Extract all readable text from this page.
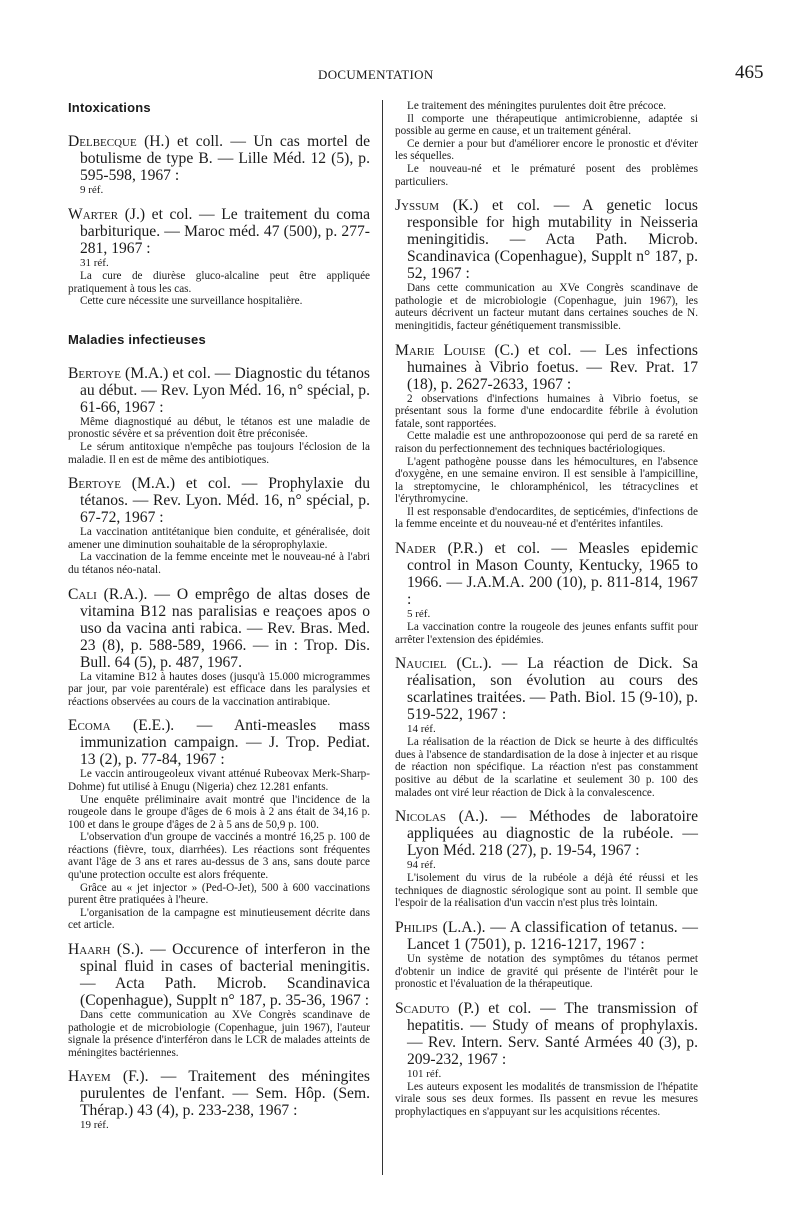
DOCUMENTATION	465
Intoxications
Delbecque (H.) et coll. — Un cas mortel de botulisme de type B. — Lille Méd. 12 (5), p. 595-598, 1967 :
9 réf.
Warter (J.) et col. — Le traitement du coma barbiturique. — Maroc méd. 47 (500), p. 277-281, 1967 :
31 réf.

La cure de diurèse gluco-alcaline peut être appliquée pratiquement à tous les cas.

Cette cure nécessite une surveillance hospitalière.

Maladies infectieuses
Bertoye (M.A.) et col. — Diagnostic du tétanos au début. — Rev. Lyon Méd. 16, n° spécial, p. 61-66, 1967 :

Même diagnostiqué au début, le tétanos est une maladie de pronostic sévère et sa prévention doit être préconisée.

Le sérum antitoxique n'empêche pas toujours l'éclosion de la maladie. Il en est de même des antibiotiques.

Bertoye (M.A.) et col. — Prophylaxie du tétanos. — Rev. Lyon. Méd. 16, n° spécial, p. 67-72, 1967 :

La vaccination antitétanique bien conduite, et généralisée, doit amener une diminution souhaitable de la séroprophylaxie.

La vaccination de la femme enceinte met le nouveau-né à l'abri du tétanos néo-natal.

Cali (R.A.). — O emprêgo de altas doses de vitamina B12 nas paralisias e reaçoes apos o uso da vacina anti rabica. — Rev. Bras. Med. 23 (8), p. 588-589, 1966. — in : Trop. Dis. Bull. 64 (5), p. 487, 1967.

La vitamine B12 à hautes doses (jusqu'à 15.000 microgrammes par jour, par voie parentérale) est efficace dans les paralysies et réactions observées au cours de la vaccination antirabique.

Ecoma (E.E.). — Anti-measles mass immunization campaign. — J. Trop. Pediat. 13 (2), p. 77-84, 1967 :

Le vaccin antirougeoleux vivant atténué Rubeovax Merk-Sharp-Dohme) fut utilisé à Enugu (Nigeria) chez 12.281 enfants.

Une enquête préliminaire avait montré que l'incidence de la rougeole dans le groupe d'âges de 6 mois à 2 ans était de 34,16 p. 100 et dans le groupe d'âges de 2 à 5 ans de 50,9 p. 100.

L'observation d'un groupe de vaccinés a montré 16,25 p. 100 de réactions (fièvre, toux, diarrhées). Les réactions sont fréquentes avant l'âge de 3 ans et rares au-dessus de 3 ans, sans doute parce qu'une protection occulte est alors fréquente.

Grâce au « jet injector » (Ped-O-Jet), 500 à 600 vaccinations purent être pratiquées à l'heure.

L'organisation de la campagne est minutieusement décrite dans cet article.

Haarh (S.). — Occurence of interferon in the spinal fluid in cases of bacterial meningitis. — Acta Path. Microb. Scandinavica (Copenhague), Supplt n° 187, p. 35-36, 1967 :

Dans cette communication au XVe Congrès scandinave de pathologie et de microbiologie (Copenhague, juin 1967), l'auteur signale la présence d'interféron dans le LCR de malades atteints de méningites bactériennes.

Hayem (F.). — Traitement des méningites purulentes de l'enfant. — Sem. Hôp. (Sem. Thérap.) 43 (4), p. 233-238, 1967 :
19 réf.

Le traitement des méningites purulentes doit être précoce.

Il comporte une thérapeutique antimicrobienne, adaptée si possible au germe en cause, et un traitement général.

Ce dernier a pour but d'améliorer encore le pronostic et d'éviter les séquelles.

Le nouveau-né et le prématuré posent des problèmes particuliers.

Jyssum (K.) et col. — A genetic locus responsible for high mutability in Neisseria meningitidis. — Acta Path. Microb. Scandinavica (Copenhague), Supplt n° 187, p. 52, 1967 :

Dans cette communication au XVe Congrès scandinave de pathologie et de microbiologie (Copenhague, juin 1967), les auteurs décrivent un facteur mutant dans certaines souches de N. meningitidis, facteur génétiquement transmissible.

Marie Louise (C.) et col. — Les infections humaines à Vibrio foetus. — Rev. Prat. 17 (18), p. 2627-2633, 1967 :

2 observations d'infections humaines à Vibrio foetus, se présentant sous la forme d'une endocardite fébrile à évolution fatale, sont rapportées.

Cette maladie est une anthropozoonose qui perd de sa rareté en raison du perfectionnement des techniques bactériologiques.

L'agent pathogène pousse dans les hémocultures, en l'absence d'oxygène, en une semaine environ. Il est sensible à l'ampicilline, la streptomycine, le chloramphénicol, les tétracyclines et l'érythromycine.

Il est responsable d'endocardites, de septicémies, d'infections de la femme enceinte et du nouveau-né et d'entérites infantiles.

Nader (P.R.) et col. — Measles epidemic control in Mason County, Kentucky, 1965 to 1966. — J.A.M.A. 200 (10), p. 811-814, 1967 :
5 réf.

La vaccination contre la rougeole des jeunes enfants suffit pour arrêter l'extension des épidémies.

Nauciel (Cl.). — La réaction de Dick. Sa réalisation, son évolution au cours des scarlatines traitées. — Path. Biol. 15 (9-10), p. 519-522, 1967 :
14 réf.

La réalisation de la réaction de Dick se heurte à des difficultés dues à l'absence de standardisation de la dose à injecter et au risque de réaction non spécifique. La réaction n'est pas constamment positive au début de la scarlatine et seulement 30 p. 100 des malades ont viré leur réaction de Dick à la convalescence.

Nicolas (A.). — Méthodes de laboratoire appliquées au diagnostic de la rubéole. — Lyon Méd. 218 (27), p. 19-54, 1967 :
94 réf.

L'isolement du virus de la rubéole a déjà été réussi et les techniques de diagnostic sérologique sont au point. Il semble que l'espoir de la réalisation d'un vaccin n'est plus très lointain.

Philips (L.A.). — A classification of tetanus. — Lancet 1 (7501), p. 1216-1217, 1967 :

Un système de notation des symptômes du tétanos permet d'obtenir un indice de gravité qui présente de l'intérêt pour le pronostic et l'évaluation de la thérapeutique.

Scaduto (P.) et col. — The transmission of hepatitis. — Study of means of prophylaxis. — Rev. Intern. Serv. Santé Armées 40 (3), p. 209-232, 1967 :
101 réf.

Les auteurs exposent les modalités de transmission de l'hépatite virale sous ses deux formes. Ils passent en revue les mesures prophylactiques en s'appuyant sur les acquisitions récentes.
